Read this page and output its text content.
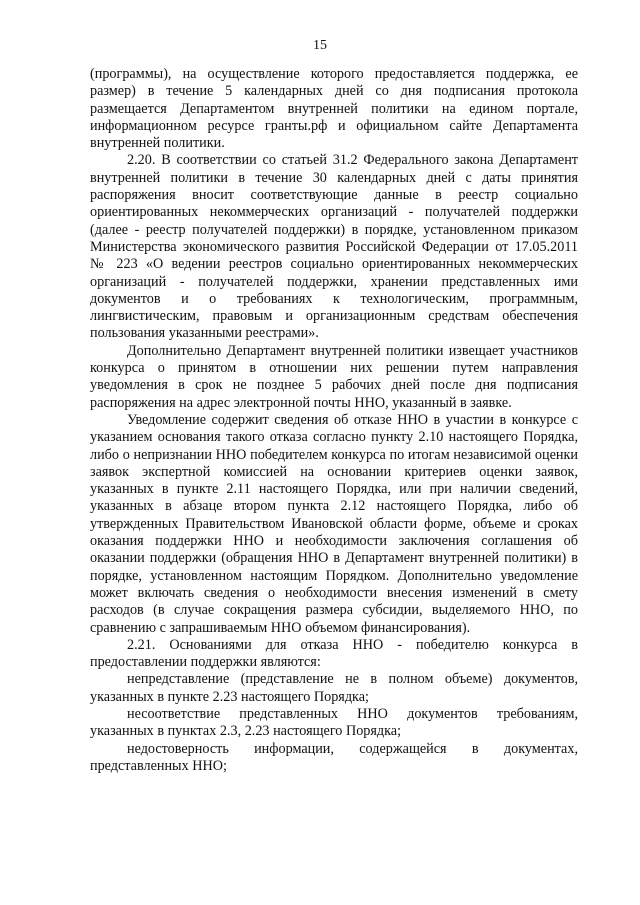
15

(программы), на осуществление которого предоставляется поддержка, ее размер) в течение 5 календарных дней со дня подписания протокола размещается Департаментом внутренней политики на едином портале, информационном ресурсе гранты.рф и официальном сайте Департамента внутренней политики.

2.20. В соответствии со статьей 31.2 Федерального закона Департамент внутренней политики в течение 30 календарных дней с даты принятия распоряжения вносит соответствующие данные в реестр социально ориентированных некоммерческих организаций - получателей поддержки (далее - реестр получателей поддержки) в порядке, установленном приказом Министерства экономического развития Российской Федерации от 17.05.2011 № 223 «О ведении реестров социально ориентированных некоммерческих организаций - получателей поддержки, хранении представленных ими документов и о требованиях к технологическим, программным, лингвистическим, правовым и организационным средствам обеспечения пользования указанными реестрами».

Дополнительно Департамент внутренней политики извещает участников конкурса о принятом в отношении них решении путем направления уведомления в срок не позднее 5 рабочих дней после дня подписания распоряжения на адрес электронной почты ННО, указанный в заявке.

Уведомление содержит сведения об отказе ННО в участии в конкурсе с указанием основания такого отказа согласно пункту 2.10 настоящего Порядка, либо о непризнании ННО победителем конкурса по итогам независимой оценки заявок экспертной комиссией на основании критериев оценки заявок, указанных в пункте 2.11 настоящего Порядка, или при наличии сведений, указанных в абзаце втором пункта 2.12 настоящего Порядка, либо об утвержденных Правительством Ивановской области форме, объеме и сроках оказания поддержки ННО и необходимости заключения соглашения об оказании поддержки (обращения ННО в Департамент внутренней политики) в порядке, установленном настоящим Порядком. Дополнительно уведомление может включать сведения о необходимости внесения изменений в смету расходов (в случае сокращения размера субсидии, выделяемого ННО, по сравнению с запрашиваемым ННО объемом финансирования).

2.21. Основаниями для отказа ННО - победителю конкурса в предоставлении поддержки являются:

непредставление (представление не в полном объеме) документов, указанных в пункте 2.23 настоящего Порядка;

несоответствие представленных ННО документов требованиям, указанных в пунктах 2.3, 2.23 настоящего Порядка;

недостоверность информации, содержащейся в документах, представленных ННО;
